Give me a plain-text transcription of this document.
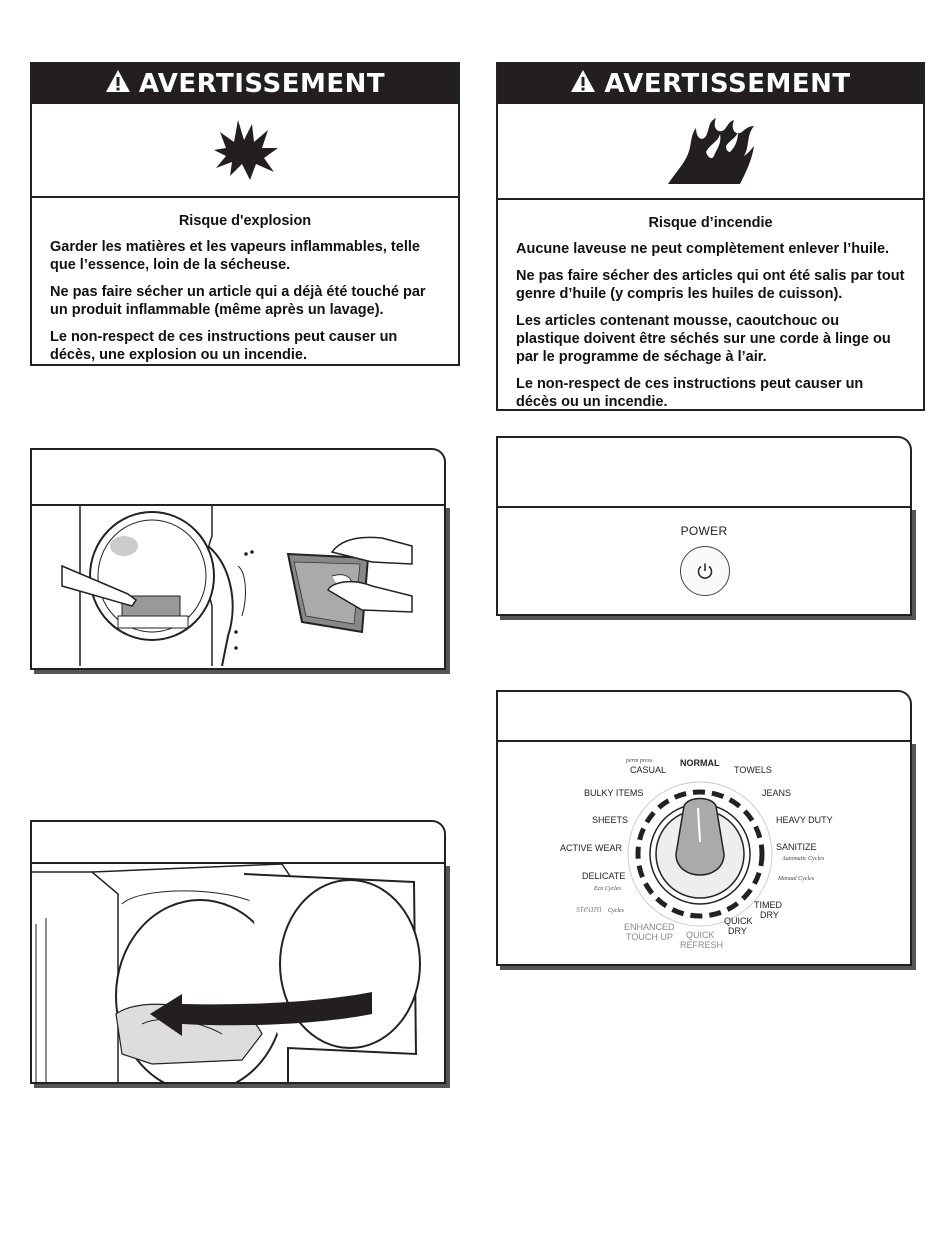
AVERTISSEMENT
Risque d'explosion

Garder les matières et les vapeurs inflammables, telle que l’essence, loin de la sécheuse.

Ne pas faire sécher un article qui a déjà été touché par un produit inflammable (même après un lavage).

Le non-respect de ces instructions peut causer un décès, une explosion ou un incendie.

AVERTISSEMENT
Risque d’incendie

Aucune laveuse ne peut complètement enlever l’huile.

Ne pas faire sécher des articles qui ont été salis par tout genre d’huile (y compris les huiles de cuisson).

Les articles contenant mousse, caoutchouc ou plastique doivent être séchés sur une corde à linge ou par le programme de séchage à l’air.

Le non-respect de ces instructions peut causer un décès ou un incendie.

POWER
perm press
CASUAL
NORMAL
TOWELS
BULKY ITEMS	JEANS
SHEETS	HEAVY DUTY
ACTIVE WEAR	SANITIZE
Automatic Cycles
DELICATE	Manual Cycles
Eco Cycles
steam Cycles
TIMED
DRY
QUICK
DRY
ENHANCED
TOUCH UP QUICK
REFRESH
